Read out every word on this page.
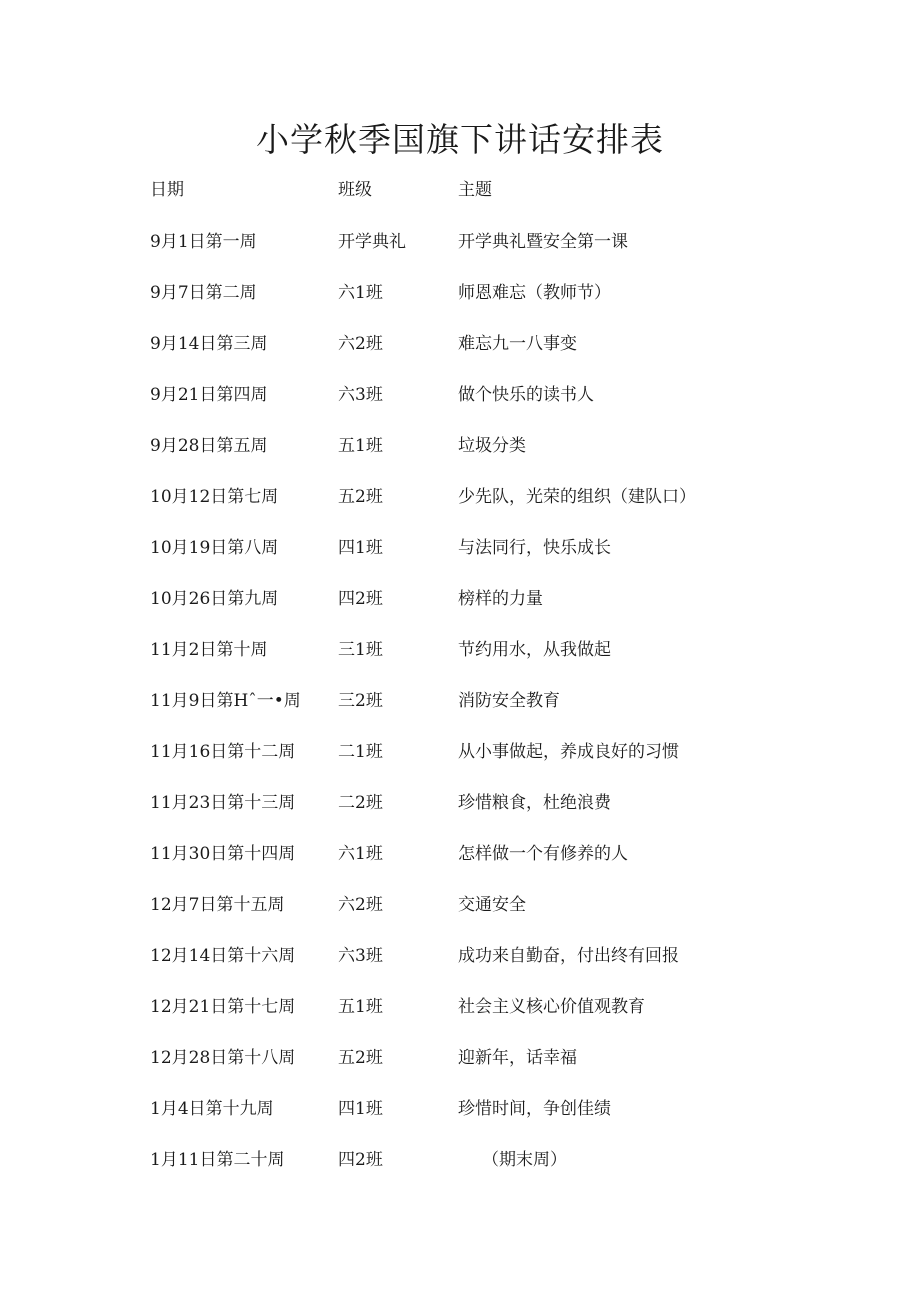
小学秋季国旗下讲话安排表
日期	班级	主题
9月1日第一周	开学典礼	开学典礼暨安全第一课
9月7日第二周	六1班	师恩难忘（教师节）
9月14日第三周	六2班	难忘九一八事变
9月21日第四周	六3班	做个快乐的读书人
9月28日第五周	五1班	垃圾分类
10月12日第七周	五2班	少先队，光荣的组织（建队口）
10月19日第八周	四1班	与法同行，快乐成长
10月26日第九周	四2班	榜样的力量
11月2日第十周	三1班	节约用水，从我做起
11月9日第Hˆ一•周 三2班	消防安全教育
11月16日第十二周	二1班	从小事做起，养成良好的习惯
11月23日第十三周	二2班	珍惜粮食，杜绝浪费
11月30日第十四周	六1班	怎样做一个有修养的人
12月7日第十五周	六2班	交通安全
12月14日第十六周	六3班	成功来自勤奋，付出终有回报
12月21日第十七周	五1班	社会主义核心价值观教育
12月28日第十八周	五2班	迎新年，话幸福
1月4日第十九周	四1班	珍惜时间，争创佳绩
1月11日第二十周	四2班	（期末周）
